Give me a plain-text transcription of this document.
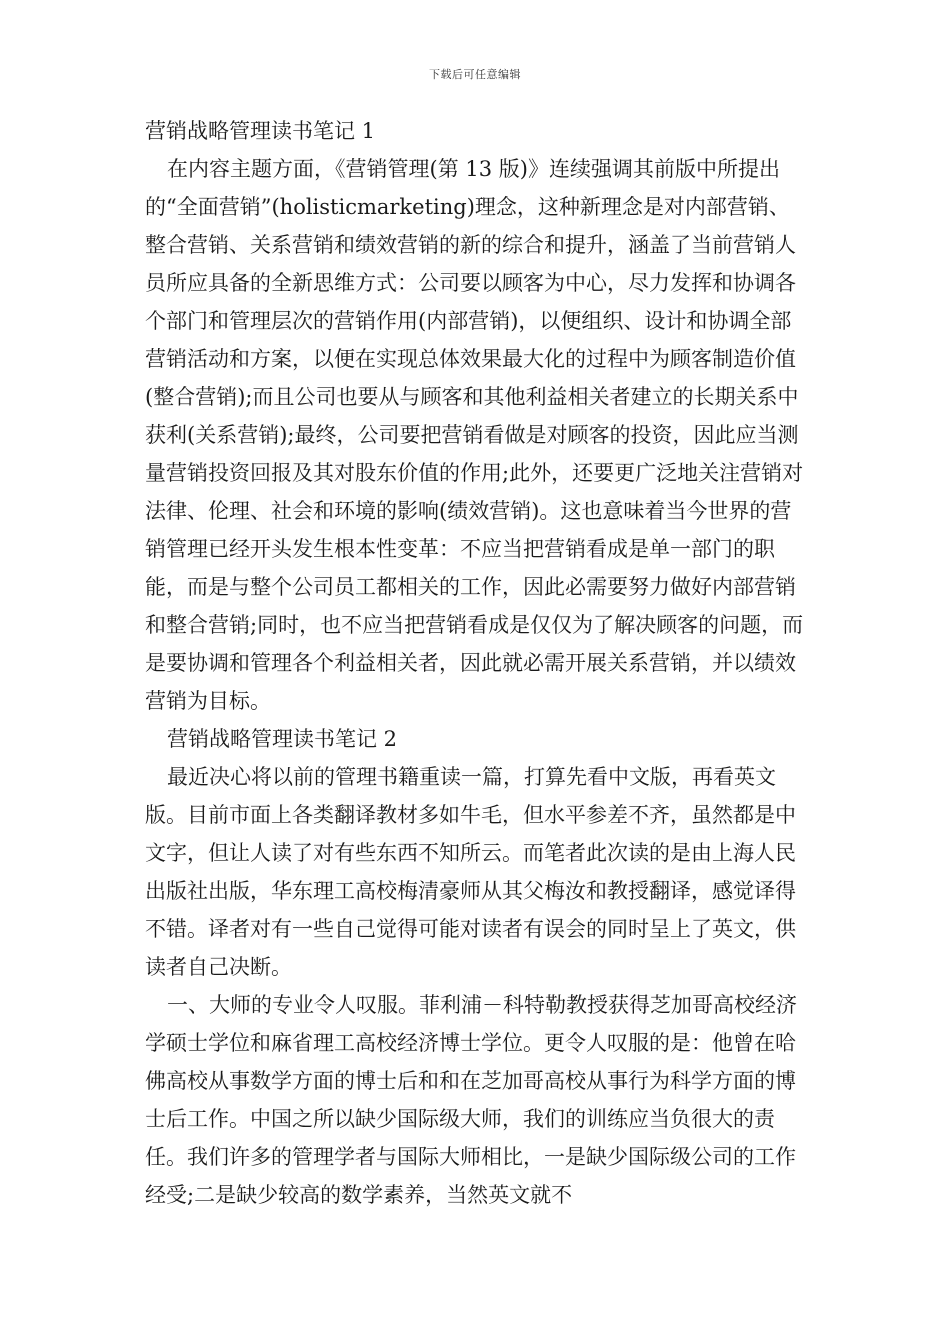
下载后可任意编辑

营销战略管理读书笔记 1

在内容主题方面，《营销管理(第 13 版)》连续强调其前版中所提出的“全面营销”(holisticmarketing)理念，这种新理念是对内部营销、整合营销、关系营销和绩效营销的新的综合和提升，涵盖了当前营销人员所应具备的全新思维方式：公司要以顾客为中心，尽力发挥和协调各个部门和管理层次的营销作用(内部营销)，以便组织、设计和协调全部营销活动和方案，以便在实现总体效果最大化的过程中为顾客制造价值(整合营销);而且公司也要从与顾客和其他利益相关者建立的长期关系中获利(关系营销);最终，公司要把营销看做是对顾客的投资，因此应当测量营销投资回报及其对股东价值的作用;此外，还要更广泛地关注营销对法律、伦理、社会和环境的影响(绩效营销)。这也意味着当今世界的营销管理已经开头发生根本性变革：不应当把营销看成是单一部门的职能，而是与整个公司员工都相关的工作，因此必需要努力做好内部营销和整合营销;同时，也不应当把营销看成是仅仅为了解决顾客的问题，而是要协调和管理各个利益相关者，因此就必需开展关系营销，并以绩效营销为目标。

营销战略管理读书笔记 2

最近决心将以前的管理书籍重读一篇，打算先看中文版，再看英文版。目前市面上各类翻译教材多如牛毛，但水平参差不齐，虽然都是中文字，但让人读了对有些东西不知所云。而笔者此次读的是由上海人民出版社出版，华东理工高校梅清豪师从其父梅汝和教授翻译，感觉译得不错。译者对有一些自己觉得可能对读者有误会的同时呈上了英文，供读者自己决断。

一、大师的专业令人叹服。菲利浦－科特勒教授获得芝加哥高校经济学硕士学位和麻省理工高校经济博士学位。更令人叹服的是：他曾在哈佛高校从事数学方面的博士后和和在芝加哥高校从事行为科学方面的博士后工作。中国之所以缺少国际级大师，我们的训练应当负很大的责任。我们许多的管理学者与国际大师相比，一是缺少国际级公司的工作经受;二是缺少较高的数学素养，当然英文就不
